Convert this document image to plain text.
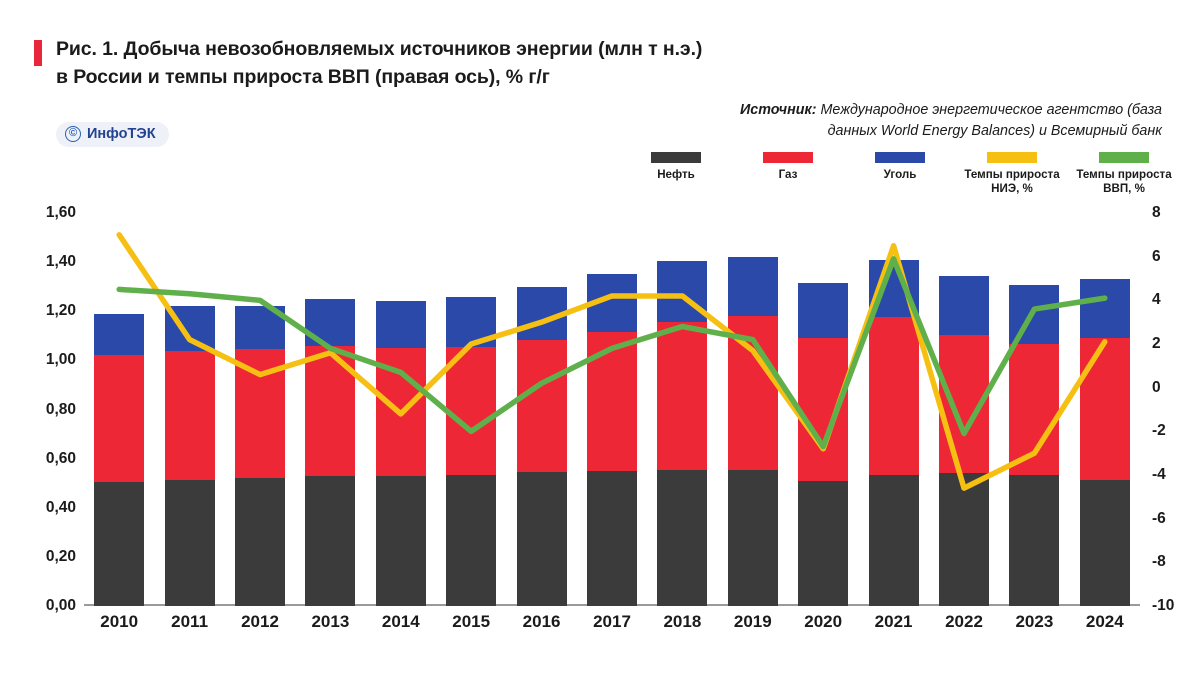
Рис. 1. Добыча невозобновляемых источников энергии (млн т н.э.)
в России и темпы прироста ВВП (правая ось), % г/г
© ИнфоТЭК
Источник: Международное энергетическое агентство (база данных World Energy Balances) и Всемирный банк
Нефть	Газ	Уголь	Темпы прироста НИЭ, %
Темпы прироста ВВП, %
0,00
0,20
0,40
0,60
0,80
1,00
1,20
1,40
1,60
-10
-8
-6
-4
-2
0
2
4
6
8
2010 2011 2012 2013 2014 2015 2016 2017 2018 2019 2020 2021 2022 2023 2024
